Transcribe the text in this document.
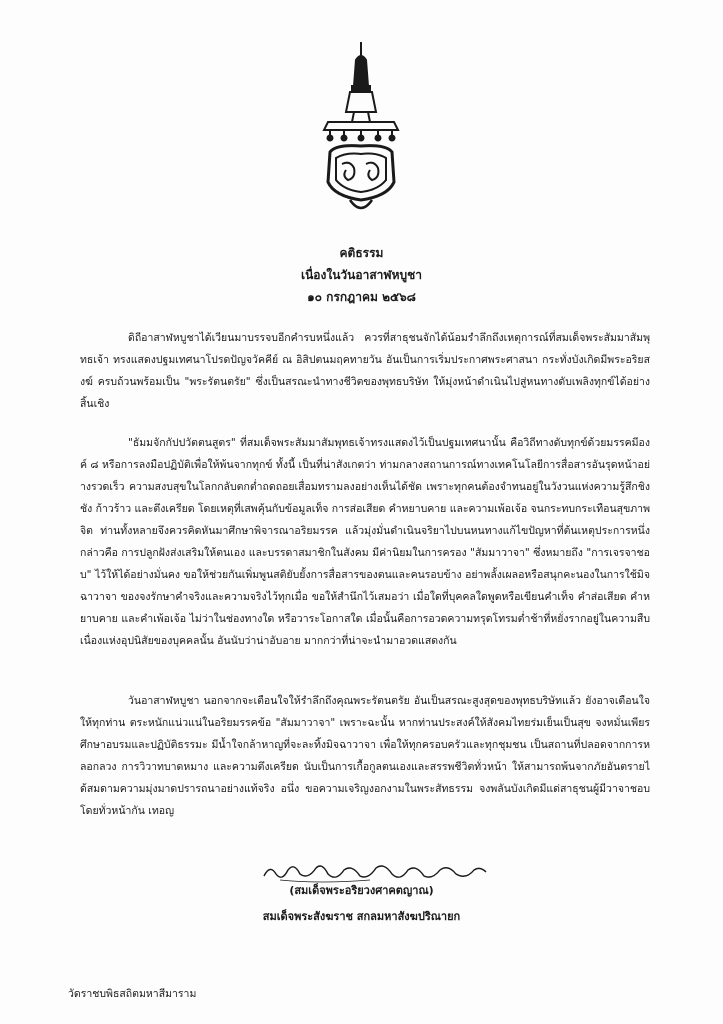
คติธรรม
เนื่องในวันอาสาฬหบูชา
๑๐ กรกฎาคม ๒๕๖๘
ดิถีอาสาฬหบูชาได้เวียนมาบรรจบอีกคำรบหนึ่งแล้ว ควรที่สาธุชนจักได้น้อมรำลึกถึงเหตุการณ์ที่สมเด็จพระสัมมาสัมพุทธเจ้า ทรงแสดงปฐมเทศนาโปรดปัญจวัคคีย์ ณ อิสิปตนมฤคทายวัน อันเป็นการเริ่มประกาศพระศาสนา กระทั่งบังเกิดมีพระอริยสงฆ์ ครบถ้วนพร้อมเป็น "พระรัตนตรัย" ซึ่งเป็นสรณะนำทางชีวิตของพุทธบริษัท ให้มุ่งหน้าดำเนินไปสู่หนทางดับเพลิงทุกข์ได้อย่างสิ้นเชิง
"ธัมมจักกัปปวัตตนสูตร" ที่สมเด็จพระสัมมาสัมพุทธเจ้าทรงแสดงไว้เป็นปฐมเทศนานั้น คือวิถีทางดับทุกข์ด้วยมรรคมีองค์ ๘ หรือการลงมือปฏิบัติเพื่อให้พ้นจากทุกข์ ทั้งนี้ เป็นที่น่าสังเกตว่า ท่ามกลางสถานการณ์ทางเทคโนโลยีการสื่อสารอันรุดหน้าอย่างรวดเร็ว ความสงบสุขในโลกกลับตกต่ำถดถอยเสื่อมทรามลงอย่างเห็นได้ชัด เพราะทุกคนต้องจำทนอยู่ในวังวนแห่งความรู้สึกชิงชัง ก้าวร้าว และตึงเครียด โดยเหตุที่เสพคุ้นกับข้อมูลเท็จ การส่อเสียด คำหยาบคาย และความเพ้อเจ้อ จนกระทบกระเทือนสุขภาพจิต ท่านทั้งหลายจึงควรคิดหันมาศึกษาพิจารณาอริยมรรค แล้วมุ่งมั่นดำเนินจริยาไปบนหนทางแก้ไขปัญหาที่ต้นเหตุประการหนึ่ง กล่าวคือ การปลูกฝังส่งเสริมให้ตนเอง และบรรดาสมาชิกในสังคม มีค่านิยมในการครอง "สัมมาวาจา" ซึ่งหมายถึง "การเจรจาชอบ" ไว้ให้ได้อย่างมั่นคง ขอให้ช่วยกันเพิ่มพูนสติยับยั้งการสื่อสารของตนและคนรอบข้าง อย่าพลั้งเผลอหรือสนุกคะนองในการใช้มิจฉาวาจา ของจงรักษาคำจริงและความจริงไว้ทุกเมื่อ ขอให้สำนึกไว้เสมอว่า เมื่อใดที่บุคคลใดพูดหรือเขียนคำเท็จ คำส่อเสียด คำหยาบคาย และคำเพ้อเจ้อ ไม่ว่าในช่องทางใด หรือวาระโอกาสใด เมื่อนั้นคือการอวดความทรุดโทรมต่ำช้าที่หยั่งรากอยู่ในความสืบเนื่องแห่งอุปนิสัยของบุคคลนั้น อันนับว่าน่าอับอาย มากกว่าที่น่าจะนำมาอวดแสดงกัน
วันอาสาฬหบูชา นอกจากจะเตือนใจให้รำลึกถึงคุณพระรัตนตรัย อันเป็นสรณะสูงสุดของพุทธบริษัทแล้ว ยังอาจเตือนใจให้ทุกท่าน ตระหนักแน่วแน่ในอริยมรรคข้อ "สัมมาวาจา" เพราะฉะนั้น หากท่านประสงค์ให้สังคมไทยร่มเย็นเป็นสุข จงหมั่นเพียรศึกษาอบรมและปฏิบัติธรรมะ มีน้ำใจกล้าหาญที่จะละทิ้งมิจฉาวาจา เพื่อให้ทุกครอบครัวและทุกชุมชน เป็นสถานที่ปลอดจากการหลอกลวง การวิวาทบาดหมาง และความตึงเครียด นับเป็นการเกื้อกูลตนเองและสรรพชีวิตทั่วหน้า ให้สามารถพ้นจากภัยอันตรายได้สมดามความมุ่งมาดปรารถนาอย่างแท้จริง อนึ่ง ขอความเจริญงอกงามในพระสัทธรรม จงพลันบังเกิดมีแด่สาธุชนผู้มีวาจาชอบ โดยทั่วหน้ากัน เทอญ
(สมเด็จพระอริยวงศาคตญาณ)
สมเด็จพระสังฆราช สกลมหาสังฆปริณายก
วัดราชบพิธสถิตมหาสีมาราม
